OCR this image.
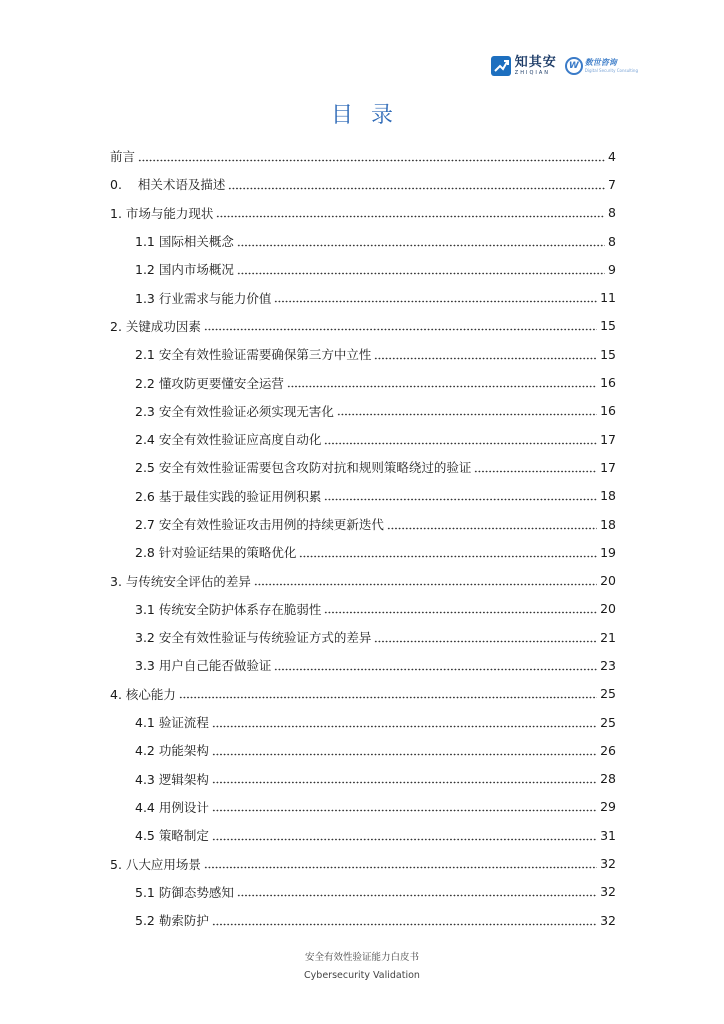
知其安
ZHIQIAN
W 数世咨询
Digital Security Consulting
目录
前言	4
0.    相关术语及描述	7
1. 市场与能力现状	8
1.1 国际相关概念	8
1.2 国内市场概况	9
1.3 行业需求与能力价值	11
2. 关键成功因素	15
2.1 安全有效性验证需要确保第三方中立性	15
2.2 懂攻防更要懂安全运营	16
2.3 安全有效性验证必须实现无害化	16
2.4 安全有效性验证应高度自动化	17
2.5 安全有效性验证需要包含攻防对抗和规则策略绕过的验证	17
2.6 基于最佳实践的验证用例积累	18
2.7 安全有效性验证攻击用例的持续更新迭代	18
2.8 针对验证结果的策略优化	19
3. 与传统安全评估的差异	20
3.1 传统安全防护体系存在脆弱性	20
3.2 安全有效性验证与传统验证方式的差异	21
3.3 用户自己能否做验证	23
4. 核心能力	25
4.1 验证流程	25
4.2 功能架构	26
4.3 逻辑架构	28
4.4 用例设计	29
4.5 策略制定	31
5. 八大应用场景	32
5.1 防御态势感知	32
5.2 勒索防护	32
安全有效性验证能力白皮书
Cybersecurity Validation
